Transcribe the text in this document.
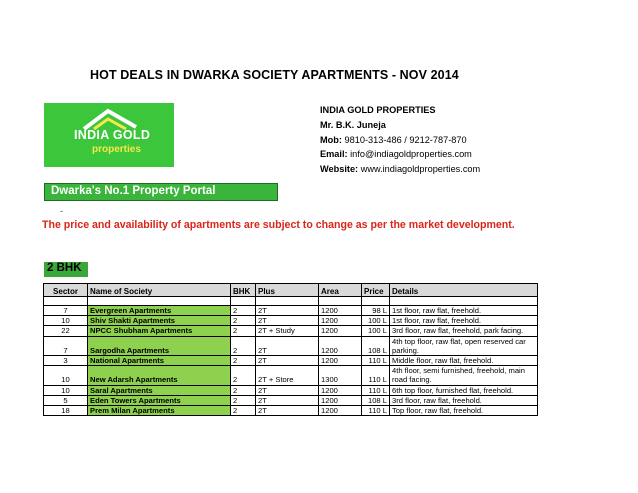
HOT DEALS IN DWARKA SOCIETY APARTMENTS - NOV 2014
INDIA GOLD
properties
INDIA GOLD PROPERTIES
Mr. B.K. Juneja
Mob: 9810-313-486 / 9212-787-870
Email: info@indiagoldproperties.com
Website: www.indiagoldproperties.com
Dwarka's No.1 Property Portal
-
The price and availability of apartments are subject to change as per the market development.
2 BHK
Sector	Name of Society	BHK	Plus	Area	Price	Details

7	Evergreen Apartments	2	2T	1200	98 L	1st floor, raw flat, freehold.
10	Shiv Shakti Apartments	2	2T	1200	100 L	1st floor, raw flat, freehold.
22	NPCC Shubham Apartments	2	2T + Study	1200	100 L	3rd floor, raw flat, freehold, park facing.
7	Sargodha Apartments	2	2T	1200	108 L	4th top floor, raw flat, open reserved car parking.
3	National Apartments	2	2T	1200	110 L	Middle floor, raw flat, freehold.
10	New Adarsh Apartments	2	2T + Store	1300	110 L	4th floor, semi furnished, freehold, main road facing.
10	Saral Apartments	2	2T	1200	110 L	6th top floor, furnished flat, freehold.
5	Eden Towers Apartments	2	2T	1200	108 L	3rd floor, raw flat, freehold.
18	Prem Milan Apartments	2	2T	1200	110 L	Top floor, raw flat, freehold.
